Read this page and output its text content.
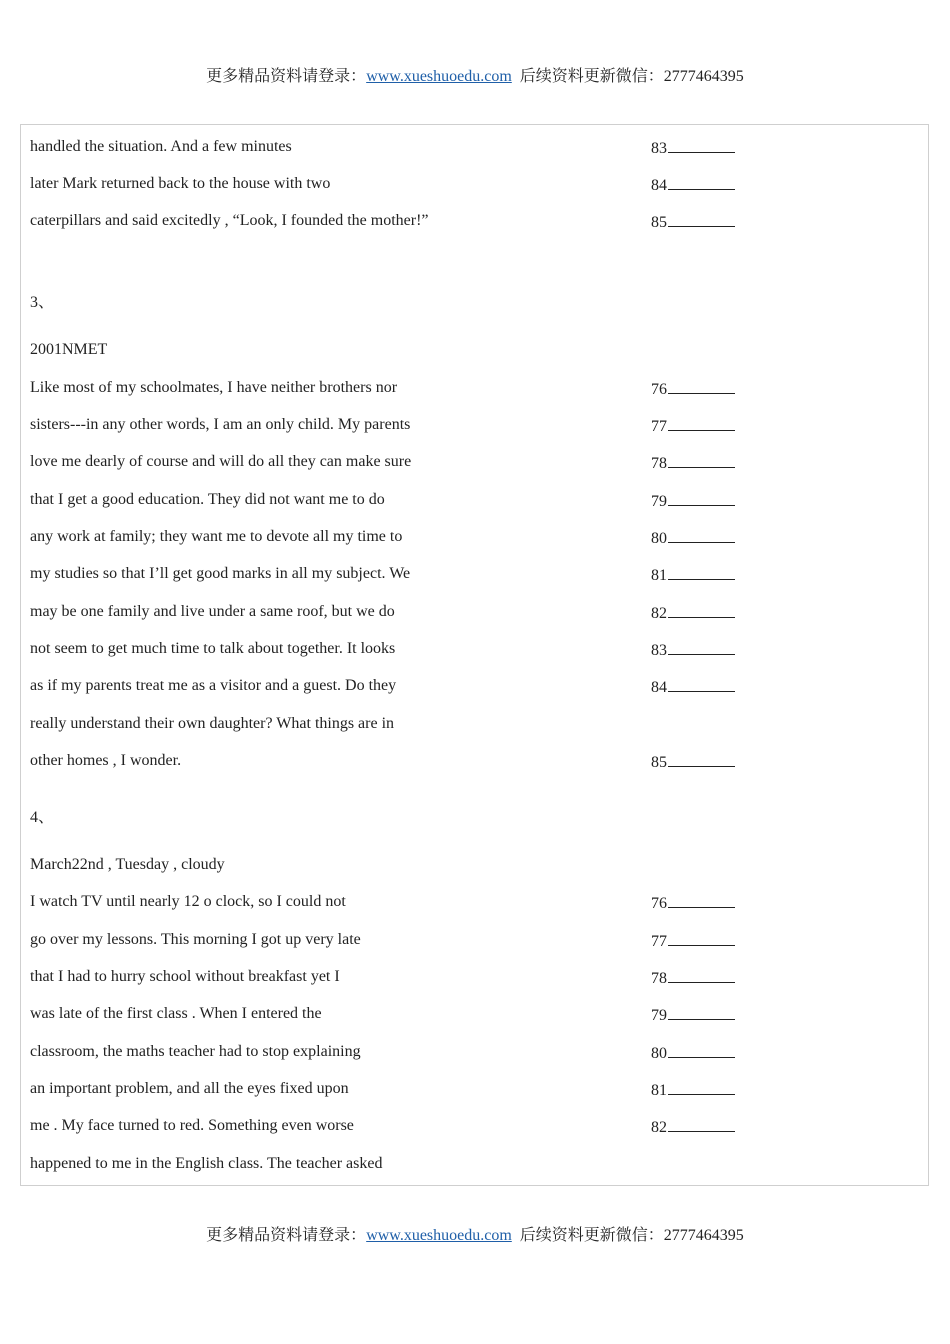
更多精品资料请登录：www.xueshuoedu.com 后续资料更新微信：2777464395
handled the situation. And a few minutes
later Mark returned back to the house with two
caterpillars and said excitedly , “Look, I founded the mother!”
3、
2001NMET
Like most of my schoolmates, I have neither brothers nor
sisters---in any other words, I am an only child. My parents
love me dearly of course and will do all they can make sure
that I get a good education. They did not want me to do
any work at family; they want me to devote all my time to
my studies so that I’ll get good marks in all my subject. We
may be one family and live under a same roof, but we do
not seem to get much time to talk about together. It looks
as if my parents treat me as a visitor and a guest. Do they
really understand their own daughter? What things are in
other homes , I wonder.
4、
March22nd , Tuesday , cloudy
I watch TV until nearly 12 o clock, so I could not
go over my lessons. This morning I got up very late
that I had to hurry school without breakfast yet I
was late of the first class . When I entered the
classroom, the maths teacher had to stop explaining
an important problem, and all the eyes fixed upon
me . My face turned to red. Something even worse
happened to me in the English class. The teacher asked
83
84
85
76
77
78
79
80
81
82
83
84
85
76
77
78
79
80
81
82
更多精品资料请登录：www.xueshuoedu.com 后续资料更新微信：2777464395
